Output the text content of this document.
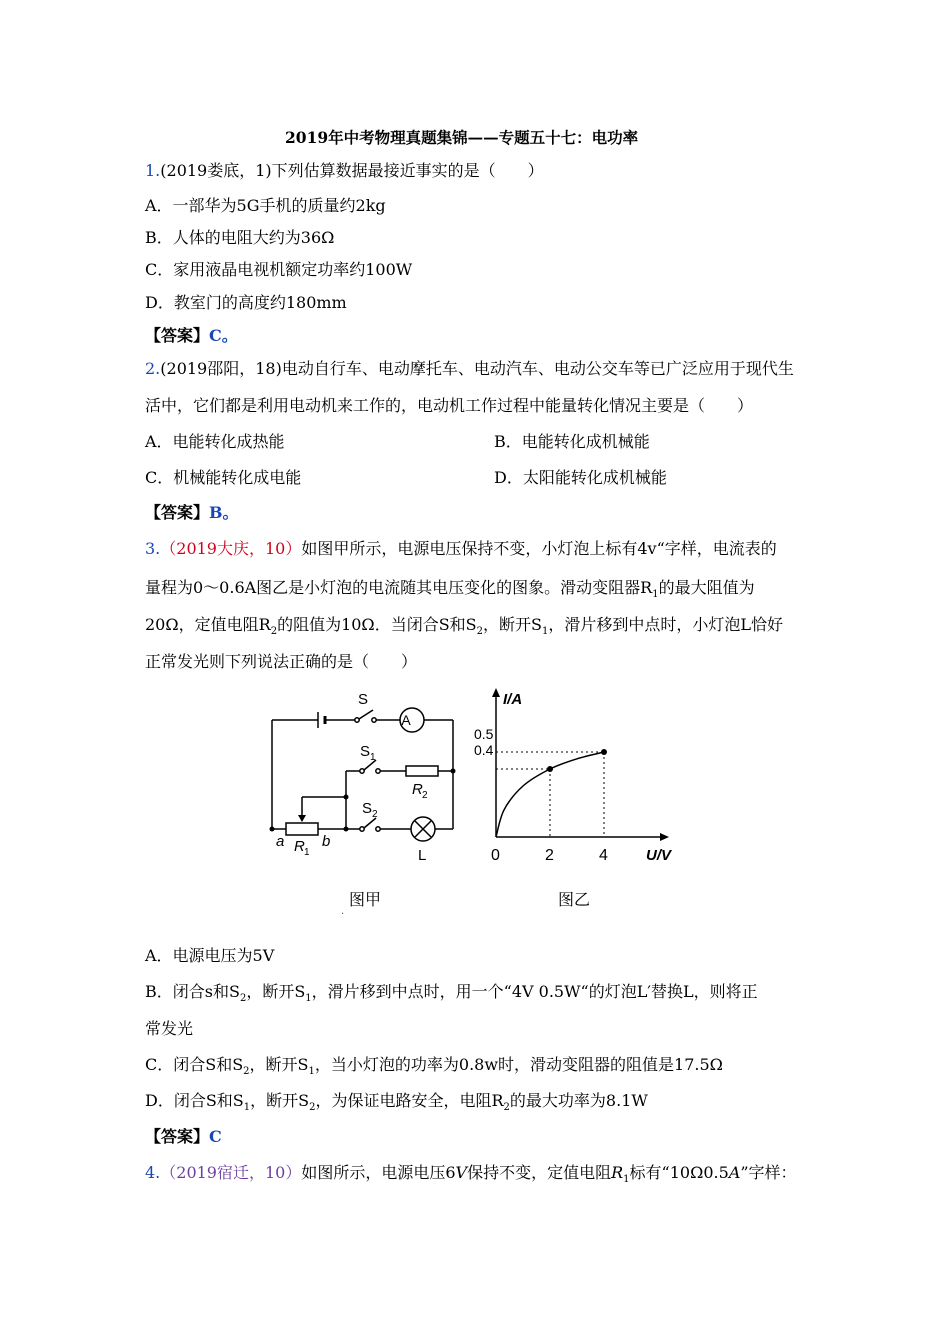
2019年中考物理真题集锦——专题五十七：电功率
1.(2019娄底，1)下列估算数据最接近事实的是（　　）
A．一部华为5G手机的质量约2kg
B．人体的电阻大约为36Ω
C．家用液晶电视机额定功率约100W
D．教室门的高度约180mm
【答案】C。
2.(2019邵阳，18)电动自行车、电动摩托车、电动汽车、电动公交车等已广泛应用于现代生
活中，它们都是利用电动机来工作的，电动机工作过程中能量转化情况主要是（　　）
A．电能转化成热能	B．电能转化成机械能
C．机械能转化成电能	D．太阳能转化成机械能
【答案】B。
3.（2019大庆，10）如图甲所示，电源电压保持不变，小灯泡上标有4v“字样，电流表的
量程为0～0.6A图乙是小灯泡的电流随其电压变化的图象。滑动变阻器$R_1$的最大阻值为
20Ω，定值电阻$R_2$的阻值为10Ω．当闭合S和$S_2$，断开$S_1$，滑片移到中点时，小灯泡L恰好
正常发光则下列说法正确的是（　　）
S
A
S 1
R 2
S 2
a R 1
b
L
图甲
·
I/A
0.5
0.4
0	2	4	U/V
图乙
A．电源电压为5V
B．闭合s和$S_2$，断开$S_1$，滑片移到中点时，用一个“4V 0.5W“的灯泡L′替换L，则将正
常发光
C．闭合S和$S_2$，断开$S_1$，当小灯泡的功率为0.8w时，滑动变阻器的阻值是17.5Ω
D．闭合S和$S_1$，断开$S_2$，为保证电路安全，电阻$R_2$的最大功率为8.1W
【答案】C
4.（2019宿迁，10）如图所示，电源电压6V保持不变，定值电阻$R_1$标有“10Ω0.5A”字样：
